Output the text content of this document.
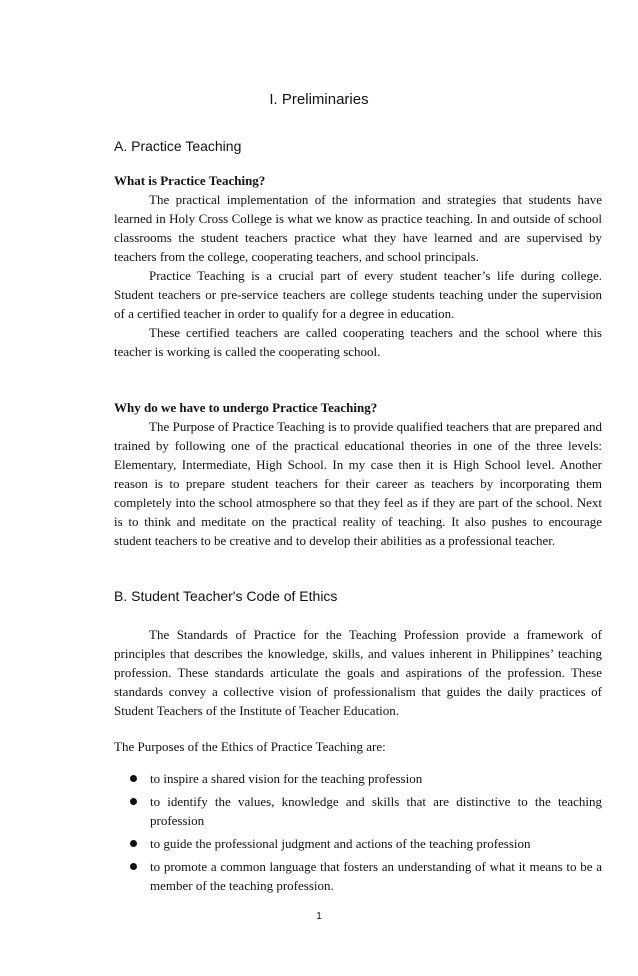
I. Preliminaries
A. Practice Teaching

What is Practice Teaching?

The practical implementation of the information and strategies that students have learned in Holy Cross College is what we know as practice teaching. In and outside of school classrooms the student teachers practice what they have learned and are supervised by teachers from the college, cooperating teachers, and school principals.

Practice Teaching is a crucial part of every student teacher’s life during college. Student teachers or pre-service teachers are college students teaching under the supervision of a certified teacher in order to qualify for a degree in education.

These certified teachers are called cooperating teachers and the school where this teacher is working is called the cooperating school.

Why do we have to undergo Practice Teaching?

The Purpose of Practice Teaching is to provide qualified teachers that are prepared and trained by following one of the practical educational theories in one of the three levels: Elementary, Intermediate, High School. In my case then it is High School level. Another reason is to prepare student teachers for their career as teachers by incorporating them completely into the school atmosphere so that they feel as if they are part of the school. Next is to think and meditate on the practical reality of teaching. It also pushes to encourage student teachers to be creative and to develop their abilities as a professional teacher.

B. Student Teacher's Code of Ethics

The Standards of Practice for the Teaching Profession provide a framework of principles that describes the knowledge, skills, and values inherent in Philippines’ teaching profession. These standards articulate the goals and aspirations of the profession. These standards convey a collective vision of professionalism that guides the daily practices of Student Teachers of the Institute of Teacher Education.

The Purposes of the Ethics of Practice Teaching are:

to inspire a shared vision for the teaching profession
to identify the values, knowledge and skills that are distinctive to the teaching profession
to guide the professional judgment and actions of the teaching profession
to promote a common language that fosters an understanding of what it means to be a member of the teaching profession.
1
